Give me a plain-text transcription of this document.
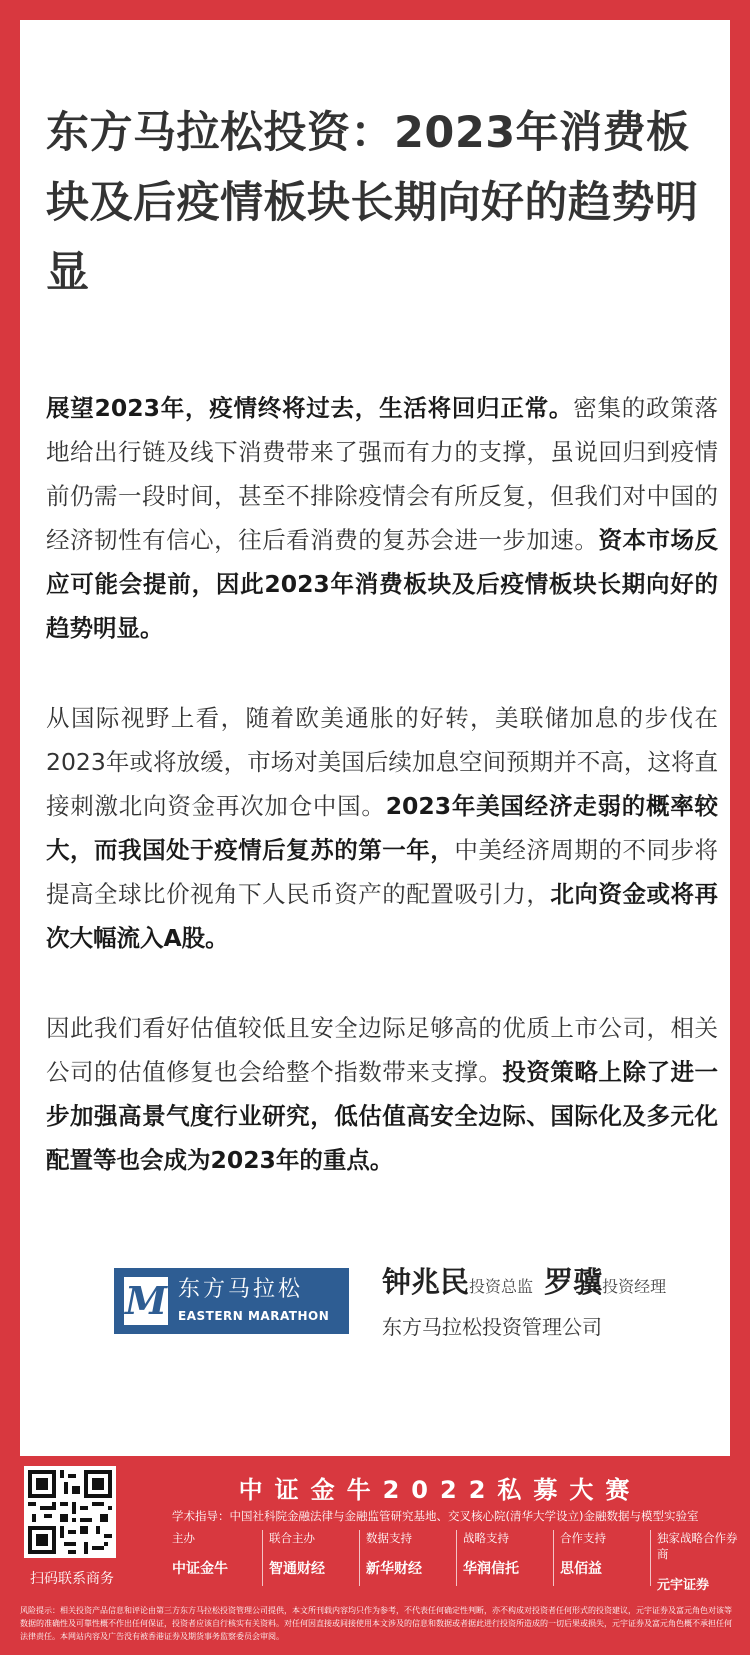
东方马拉松投资：2023年消费板块及后疫情板块长期向好的趋势明显
展望2023年，疫情终将过去，生活将回归正常。密集的政策落地给出行链及线下消费带来了强而有力的支撑，虽说回归到疫情前仍需一段时间，甚至不排除疫情会有所反复，但我们对中国的经济韧性有信心，往后看消费的复苏会进一步加速。资本市场反应可能会提前，因此2023年消费板块及后疫情板块长期向好的趋势明显。
从国际视野上看，随着欧美通胀的好转，美联储加息的步伐在2023年或将放缓，市场对美国后续加息空间预期并不高，这将直接刺激北向资金再次加仓中国。2023年美国经济走弱的概率较大，而我国处于疫情后复苏的第一年，中美经济周期的不同步将提高全球比价视角下人民币资产的配置吸引力，北向资金或将再次大幅流入A股。
因此我们看好估值较低且安全边际足够高的优质上市公司，相关公司的估值修复也会给整个指数带来支撑。投资策略上除了进一步加强高景气度行业研究，低估值高安全边际、国际化及多元化配置等也会成为2023年的重点。
M 东方马拉松
EASTERN MARATHON
钟兆民投资总监 罗骥投资经理
东方马拉松投资管理公司
扫码联系商务
中证金牛2022私募大赛
学术指导：中国社科院金融法律与金融监管研究基地、交叉核心院(清华大学设立)金融数据与模型实验室
主办
中证金牛
联合主办
智通财经
数据支持
新华财经
战略支持
华润信托
合作支持
思佰益
独家战略合作券商
元宇证券
风险提示：相关投资产品信息和评论由第三方东方马拉松投资管理公司提供，本文所刊载内容均只作为参考，不代表任何确定性判断，亦不构成对投资者任何形式的投资建议，元宇证券及富元角色对该等数据的准确性及可靠性概不作出任何保证，投资者应该自行核实有关资料。对任何因直接或间接使用本文涉及的信息和数据或者据此进行投资所造成的一切后果或损失，元宇证券及富元角色概不承担任何法律责任。本网站内容及广告没有被香港证券及期货事务监察委员会审阅。
